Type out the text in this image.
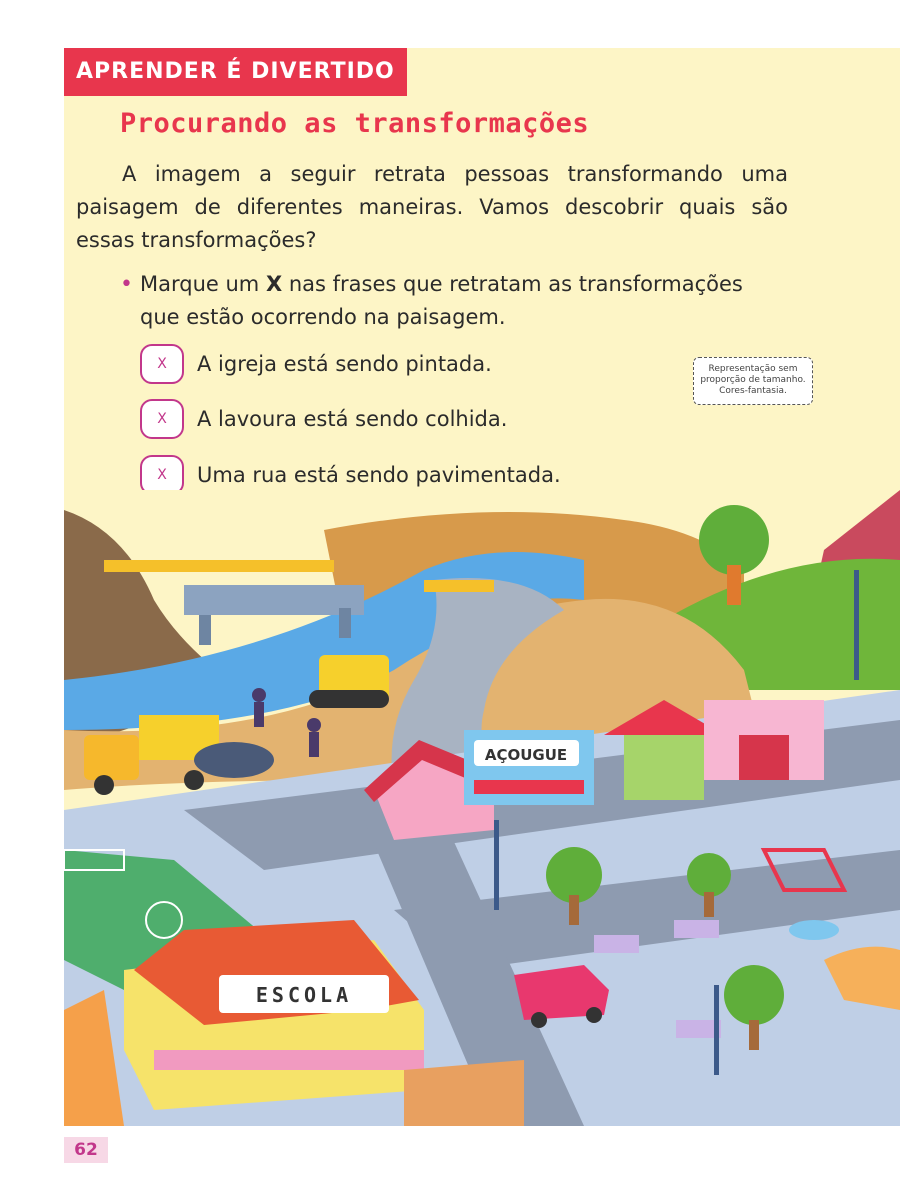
APRENDER É DIVERTIDO
Procurando as transformações

A imagem a seguir retrata pessoas transformando uma paisagem de diferentes maneiras. Vamos descobrir quais são essas transformações?

• Marque um X nas frases que retratam as transformações que estão ocorrendo na paisagem.
X	A igreja está sendo pintada.
X	A lavoura está sendo colhida.
X	Uma rua está sendo pavimentada.
Representação sem
proporção de tamanho.
Cores-fantasia.
AÇOUGUE
ESCOLA
62
